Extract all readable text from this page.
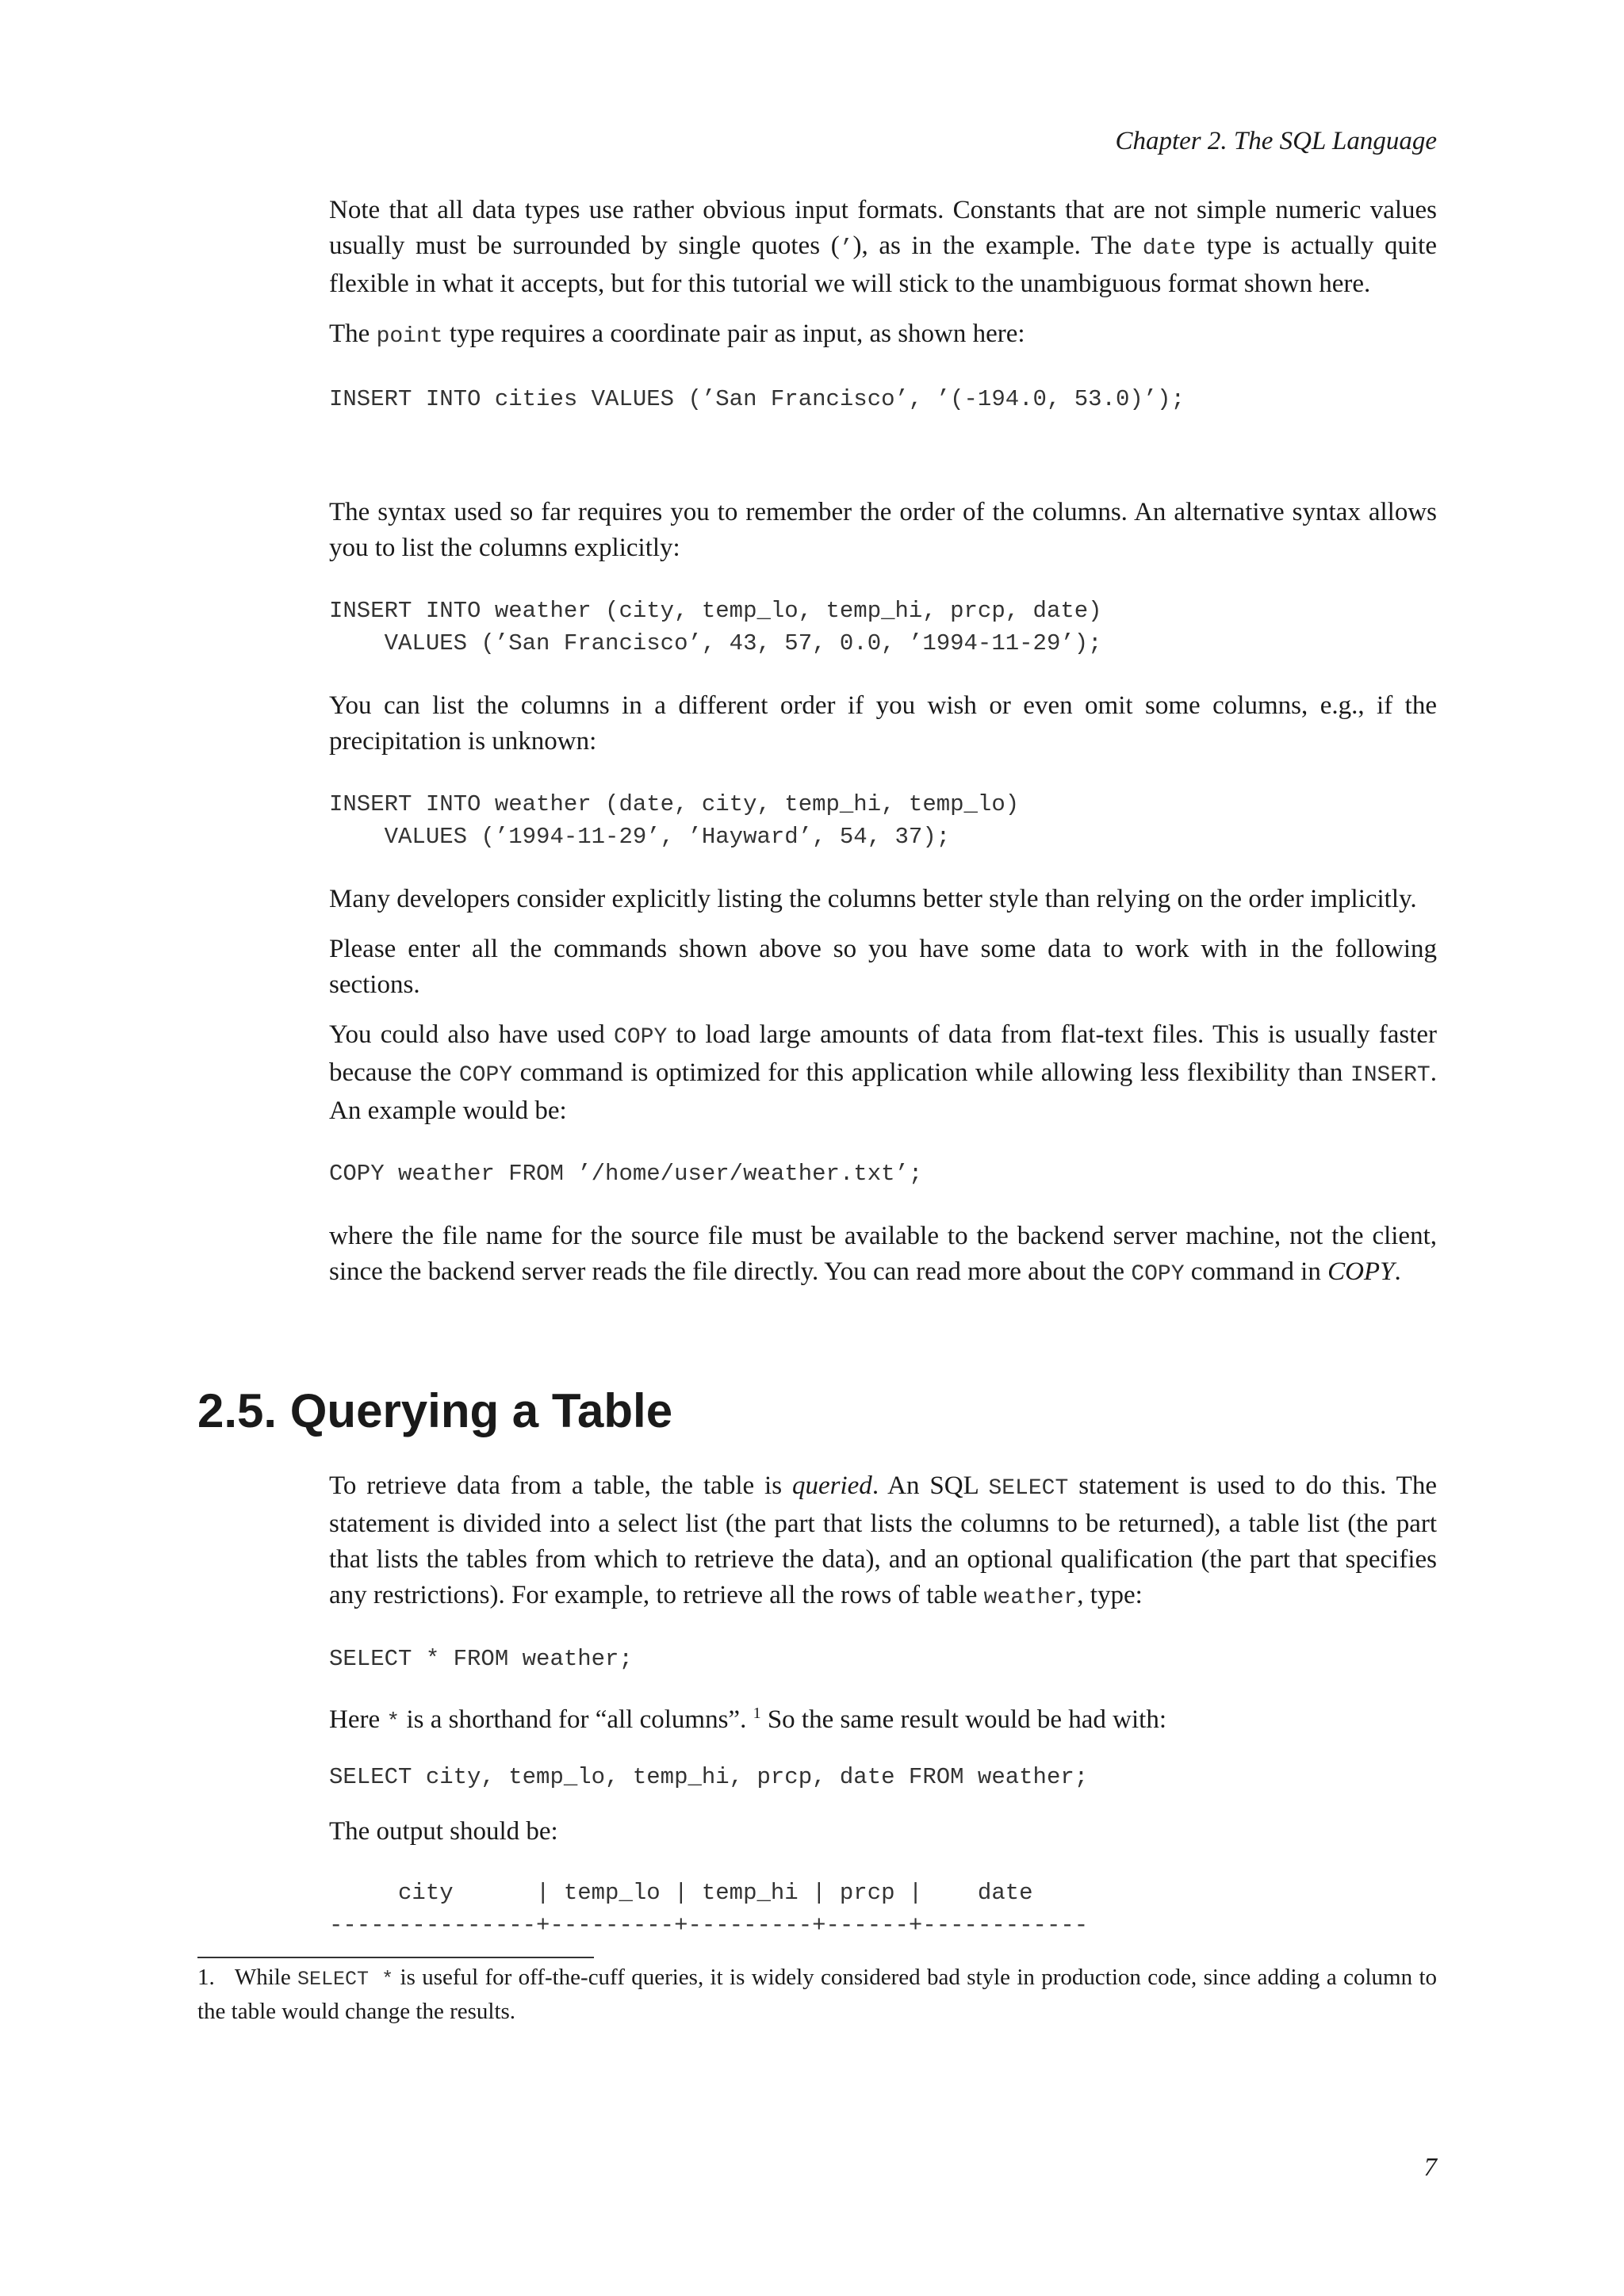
Chapter 2. The SQL Language

Note that all data types use rather obvious input formats. Constants that are not simple numeric values usually must be surrounded by single quotes (’), as in the example. The date type is actually quite flexible in what it accepts, but for this tutorial we will stick to the unambiguous format shown here.

The point type requires a coordinate pair as input, as shown here:

INSERT INTO cities VALUES (’San Francisco’, ’(-194.0, 53.0)’);

The syntax used so far requires you to remember the order of the columns. An alternative syntax allows you to list the columns explicitly:

INSERT INTO weather (city, temp_lo, temp_hi, prcp, date)
VALUES (’San Francisco’, 43, 57, 0.0, ’1994-11-29’);

You can list the columns in a different order if you wish or even omit some columns, e.g., if the precipitation is unknown:

INSERT INTO weather (date, city, temp_hi, temp_lo)
VALUES (’1994-11-29’, ’Hayward’, 54, 37);

Many developers consider explicitly listing the columns better style than relying on the order implicitly.

Please enter all the commands shown above so you have some data to work with in the following sections.

You could also have used COPY to load large amounts of data from flat-text files. This is usually faster because the COPY command is optimized for this application while allowing less flexibility than INSERT. An example would be:

COPY weather FROM ’/home/user/weather.txt’;

where the file name for the source file must be available to the backend server machine, not the client, since the backend server reads the file directly. You can read more about the COPY command in COPY.

2.5. Querying a Table

To retrieve data from a table, the table is queried. An SQL SELECT statement is used to do this. The statement is divided into a select list (the part that lists the columns to be returned), a table list (the part that lists the tables from which to retrieve the data), and an optional qualification (the part that specifies any restrictions). For example, to retrieve all the rows of table weather, type:

SELECT * FROM weather;

Here * is a shorthand for “all columns”. $^1$ So the same result would be had with:

SELECT city, temp_lo, temp_hi, prcp, date FROM weather;

The output should be:

city      | temp_lo | temp_hi | prcp |    date
---------------+---------+---------+------+------------

1. While SELECT * is useful for off-the-cuff queries, it is widely considered bad style in production code, since adding a column to the table would change the results.

7
